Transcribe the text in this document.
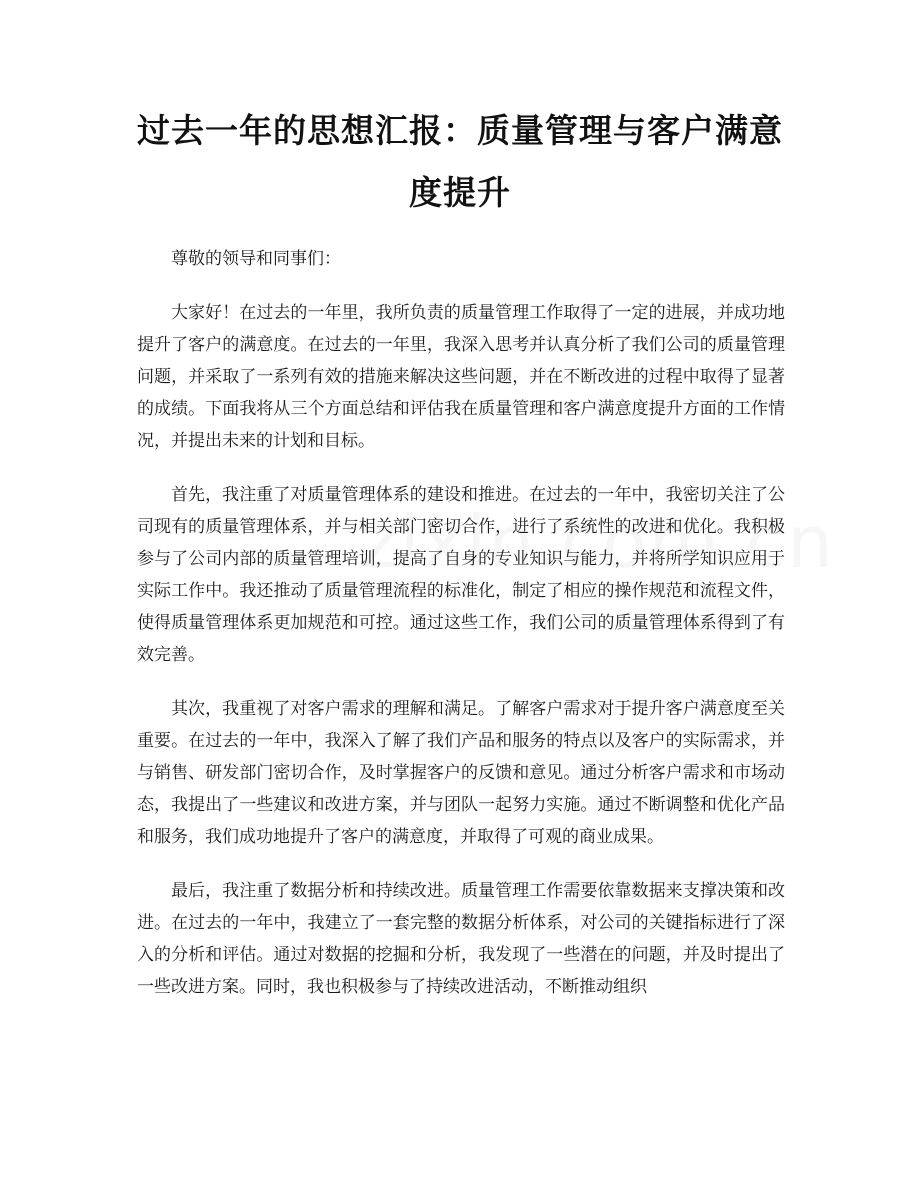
过去一年的思想汇报：质量管理与客户满意度提升

尊敬的领导和同事们：

大家好！在过去的一年里，我所负责的质量管理工作取得了一定的进展，并成功地提升了客户的满意度。在过去的一年里，我深入思考并认真分析了我们公司的质量管理问题，并采取了一系列有效的措施来解决这些问题，并在不断改进的过程中取得了显著的成绩。下面我将从三个方面总结和评估我在质量管理和客户满意度提升方面的工作情况，并提出未来的计划和目标。

首先，我注重了对质量管理体系的建设和推进。在过去的一年中，我密切关注了公司现有的质量管理体系，并与相关部门密切合作，进行了系统性的改进和优化。我积极参与了公司内部的质量管理培训，提高了自身的专业知识与能力，并将所学知识应用于实际工作中。我还推动了质量管理流程的标准化，制定了相应的操作规范和流程文件，使得质量管理体系更加规范和可控。通过这些工作，我们公司的质量管理体系得到了有效完善。

其次，我重视了对客户需求的理解和满足。了解客户需求对于提升客户满意度至关重要。在过去的一年中，我深入了解了我们产品和服务的特点以及客户的实际需求，并与销售、研发部门密切合作，及时掌握客户的反馈和意见。通过分析客户需求和市场动态，我提出了一些建议和改进方案，并与团队一起努力实施。通过不断调整和优化产品和服务，我们成功地提升了客户的满意度，并取得了可观的商业成果。

最后，我注重了数据分析和持续改进。质量管理工作需要依靠数据来支撑决策和改进。在过去的一年中，我建立了一套完整的数据分析体系，对公司的关键指标进行了深入的分析和评估。通过对数据的挖掘和分析，我发现了一些潜在的问题，并及时提出了一些改进方案。同时，我也积极参与了持续改进活动，不断推动组织
